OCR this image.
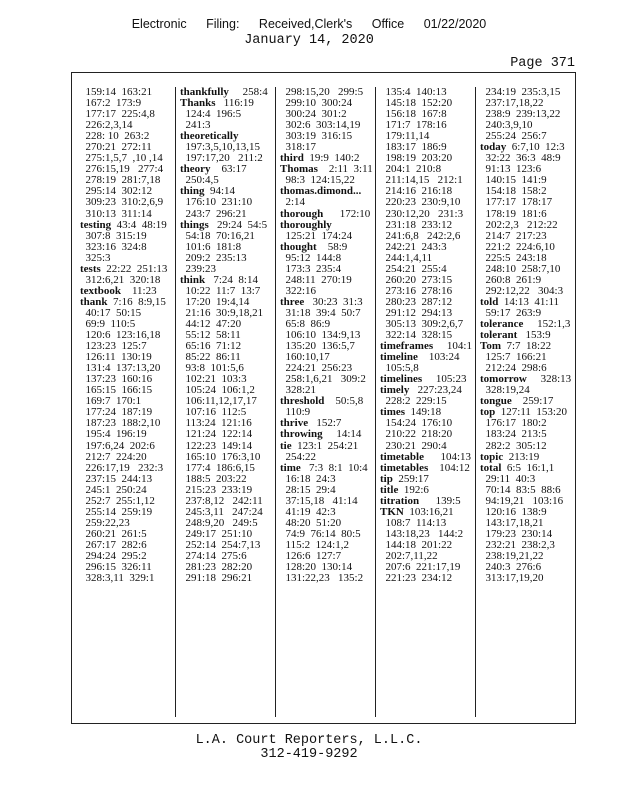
Electronic Filing: Received,Clerk's Office 01/22/2020
January 14, 2020
Page 371
159:14  163:21
167:2  173:9
177:17  225:4,8
226:2,3,14
228: 10  263:2
270:21  272:11
275:1,5,7  ,10 ,14
276:15,19   277:4
278:19  281:7,18
295:14  302:12
309:23  310:2,6,9
310:13  311:14
testing  43:4  48:19
307:8  315:19
323:16  324:8
325:3
tests  22:22  251:13
312:6,21  320:18
textbook    11:23
thank  7:16  8:9,15
40:17  50:15
69:9  110:5
120:6  123:16,18
123:23  125:7
126:11  130:19
131:4  137:13,20
137:23  160:16
165:15  166:15
169:7  170:1
177:24  187:19
187:23  188:2,10
195:4  196:19
197:6,24  202:6
212:7  224:20
226:17,19   232:3
237:15  244:13
245:1  250:24
252:7  255:1,12
255:14  259:19
259:22,23
260:21  261:5
267:17  282:6
294:24  295:2
296:15  326:11
328:3,11  329:1
thankfully     258:4
Thanks   116:19
124:4  196:5
241:3
theoretically
197:3,5,10,13,15
197:17,20   211:2
theory    63:17
250:4,5
thing  94:14
176:10  231:10
243:7  296:21
things   29:24  54:5
54:18  70:16,21
101:6  181:8
209:2  235:13
239:23
think   7:24  8:14
10:22  11:7  13:7
17:20  19:4,14
21:16  30:9,18,21
44:12  47:20
55:12  58:11
65:16  71:12
85:22  86:11
93:8  101:5,6
102:21  103:3
105:24  106:1,2
106:11,12,17,17
107:16  112:5
113:24  121:16
121:24  122:14
122:23  149:14
165:10  176:3,10
177:4  186:6,15
188:5  203:22
215:23  233:19
237:8,12   242:11
245:3,11   247:24
248:9,20   249:5
249:17  251:10
252:14  254:7,13
274:14  275:6
281:23  282:20
291:18  296:21
298:15,20   299:5
299:10  300:24
300:24  301:2
302:6  303:14,19
303:19  316:15
318:17
third  19:9  140:2
Thomas    2:11  3:11
98:3  124:15,22
thomas.dimond...
2:14
thorough      172:10
thoroughly
125:21  174:24
thought    58:9
95:12  144:8
173:3  235:4
248:11  270:19
322:16
three   30:23  31:3
31:18  39:4  50:7
65:8  86:9
106:10  134:9,13
135:20  136:5,7
160:10,17
224:21  256:23
258:1,6,21   309:2
328:21
threshold    50:5,8
110:9
thrive   152:7
throwing     14:14
tie  123:1  254:21
254:22
time   7:3  8:1  10:4
16:18  24:3
28:15  29:4
37:15,18   41:14
41:19  42:3
48:20  51:20
74:9  76:14  80:5
115:2  124:1,2
126:6  127:7
128:20  130:14
131:22,23   135:2
135:4  140:13
145:18  152:20
156:18  167:8
171:7  178:16
179:11,14
183:17  186:9
198:19  203:20
204:1  210:8
211:14,15   212:1
214:16  216:18
220:23  230:9,10
230:12,20   231:3
231:18  233:12
241:6,8   242:2,6
242:21  243:3
244:1,4,11
254:21  255:4
260:20  273:15
273:16  278:16
280:23  287:12
291:12  294:13
305:13  309:2,6,7
322:14  328:15
timeframes     104:1
timeline    103:24
105:5,8
timelines     105:23
timely   227:23,24
228:2  229:15
times  149:18
154:24  176:10
210:22  218:20
230:21  290:4
timetable      104:13
timetables    104:12
tip  259:17
title  192:6
titration      139:5
TKN  103:16,21
108:7  114:13
143:18,23   144:2
144:18  201:22
202:7,11,22
207:6  221:17,19
221:23  234:12
234:19  235:3,15
237:17,18,22
238:9  239:13,22
240:3,9,10
255:24  256:7
today  6:7,10  12:3
32:22  36:3  48:9
91:13  123:6
140:15  141:9
154:18  158:2
177:17  178:17
178:19  181:6
202:2,3   212:22
214:7  217:23
221:2  224:6,10
225:5  243:18
248:10  258:7,10
260:8  261:9
292:12,22   304:3
told  14:13  41:11
59:17  263:9
tolerance     152:1,3
tolerant   153:9
Tom  7:7  18:22
125:7  166:21
212:24  298:6
tomorrow     328:13
328:19,24
tongue    259:17
top  127:11  153:20
176:17  180:2
183:24  213:5
282:2  305:12
topic  213:19
total  6:5  16:1,1
29:11  40:3
70:14  83:5  88:6
94:19,21   103:16
120:16  138:9
143:17,18,21
179:23  230:14
232:21  238:2,3
238:19,21,22
240:3  276:6
313:17,19,20
L.A. Court Reporters, L.L.C.
312-419-9292
